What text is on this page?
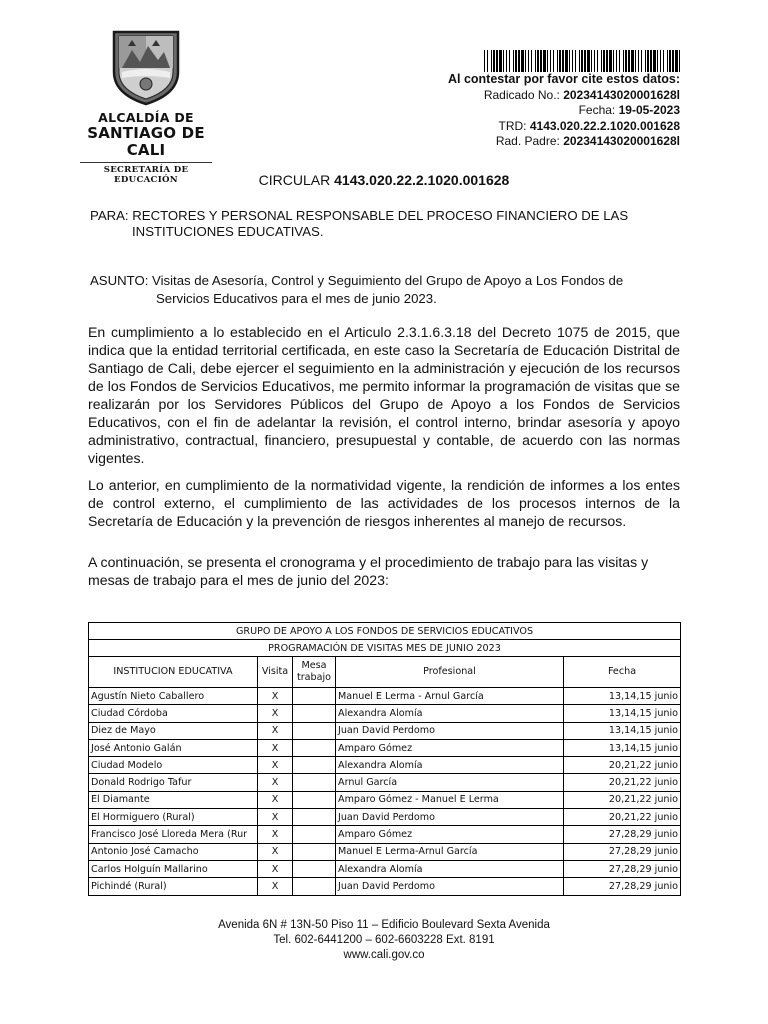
ALCALDÍA DE
SANTIAGO DE CALI
SECRETARÍA DE EDUCACIÓN
Al contestar por favor cite estos datos:
Radicado No.: 20234143020001628l
Fecha: 19-05-2023
TRD: 4143.020.22.2.1020.001628
Rad. Padre: 20234143020001628l
CIRCULAR 4143.020.22.2.1020.001628
PARA: RECTORES Y PERSONAL RESPONSABLE DEL PROCESO FINANCIERO DE LAS
INSTITUCIONES EDUCATIVAS.
ASUNTO: Visitas de Asesoría, Control y Seguimiento del Grupo de Apoyo a Los Fondos de
Servicios Educativos para el mes de junio 2023.
En cumplimiento a lo establecido en el Articulo 2.3.1.6.3.18 del Decreto 1075 de 2015, que indica que la entidad territorial certificada, en este caso la Secretaría de Educación Distrital de Santiago de Cali, debe ejercer el seguimiento en la administración y ejecución de los recursos de los Fondos de Servicios Educativos, me permito informar la programación de visitas que se realizarán por los Servidores Públicos del Grupo de Apoyo a los Fondos de Servicios Educativos, con el fin de adelantar la revisión, el control interno, brindar asesoría y apoyo administrativo, contractual, financiero, presupuestal y contable, de acuerdo con las normas vigentes.
Lo anterior, en cumplimiento de la normatividad vigente, la rendición de informes a los entes de control externo, el cumplimiento de las actividades de los procesos internos de la Secretaría de Educación y la prevención de riesgos inherentes al manejo de recursos.
A continuación, se presenta el cronograma y el procedimiento de trabajo para las visitas y mesas de trabajo para el mes de junio del 2023:
GRUPO DE APOYO A LOS FONDOS DE SERVICIOS EDUCATIVOS				
PROGRAMACIÓN DE VISITAS MES DE JUNIO 2023				
INSTITUCION EDUCATIVA	Visita	Mesa trabajo	Profesional	Fecha
Agustín Nieto Caballero	X		Manuel E Lerma - Arnul García	13,14,15 junio
Ciudad Córdoba	X		Alexandra Alomía	13,14,15 junio
Diez de Mayo	X		Juan David Perdomo	13,14,15 junio
José Antonio Galán	X		Amparo Gómez	13,14,15 junio
Ciudad Modelo	X		Alexandra Alomía	20,21,22 junio
Donald Rodrigo Tafur	X		Arnul García	20,21,22 junio
El Diamante	X		Amparo Gómez - Manuel E Lerma	20,21,22 junio
El Hormiguero (Rural)	X		Juan David Perdomo	20,21,22 junio
Francisco José Lloreda Mera (Rur	X		Amparo Gómez	27,28,29 junio
Antonio José Camacho	X		Manuel E Lerma-Arnul García	27,28,29 junio
Carlos Holguín Mallarino	X		Alexandra Alomía	27,28,29 junio
Pichindé (Rural)	X		Juan David Perdomo	27,28,29 junio
Avenida 6N # 13N-50 Piso 11 – Edificio Boulevard Sexta Avenida
Tel. 602-6441200 – 602-6603228 Ext. 8191
www.cali.gov.co
